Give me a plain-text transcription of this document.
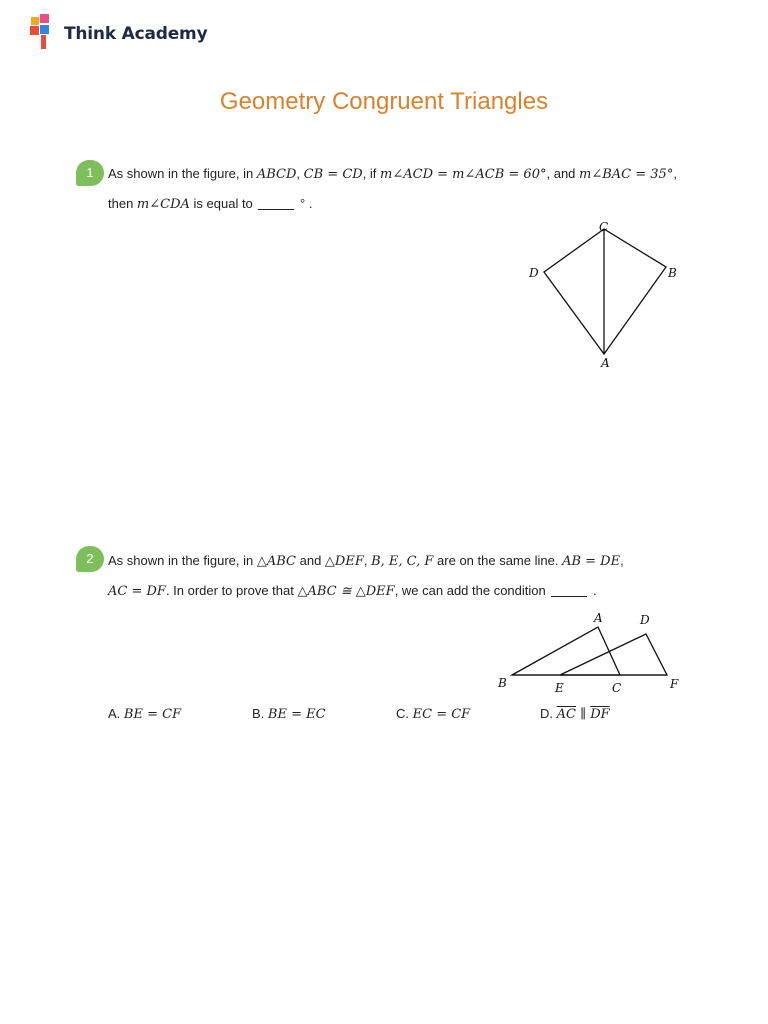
Think Academy
Geometry Congruent Triangles
1	As shown in the figure, in ABCD, CB = CD, if m∠ACD = m∠ACB = 60°, and m∠BAC = 35°,
then m∠CDA is equal to	° .
C
D	B
A
2	As shown in the figure, in △ABC and △DEF, B, E, C, F are on the same line. AB = DE,
AC = DF. In order to prove that △ABC ≅ △DEF, we can add the condition	.
A	D
B	E	C	F
A. BE = CF	B. BE = EC	C. EC = CF	D. $\overline{AC}$ ∥ $\overline{DF}$
